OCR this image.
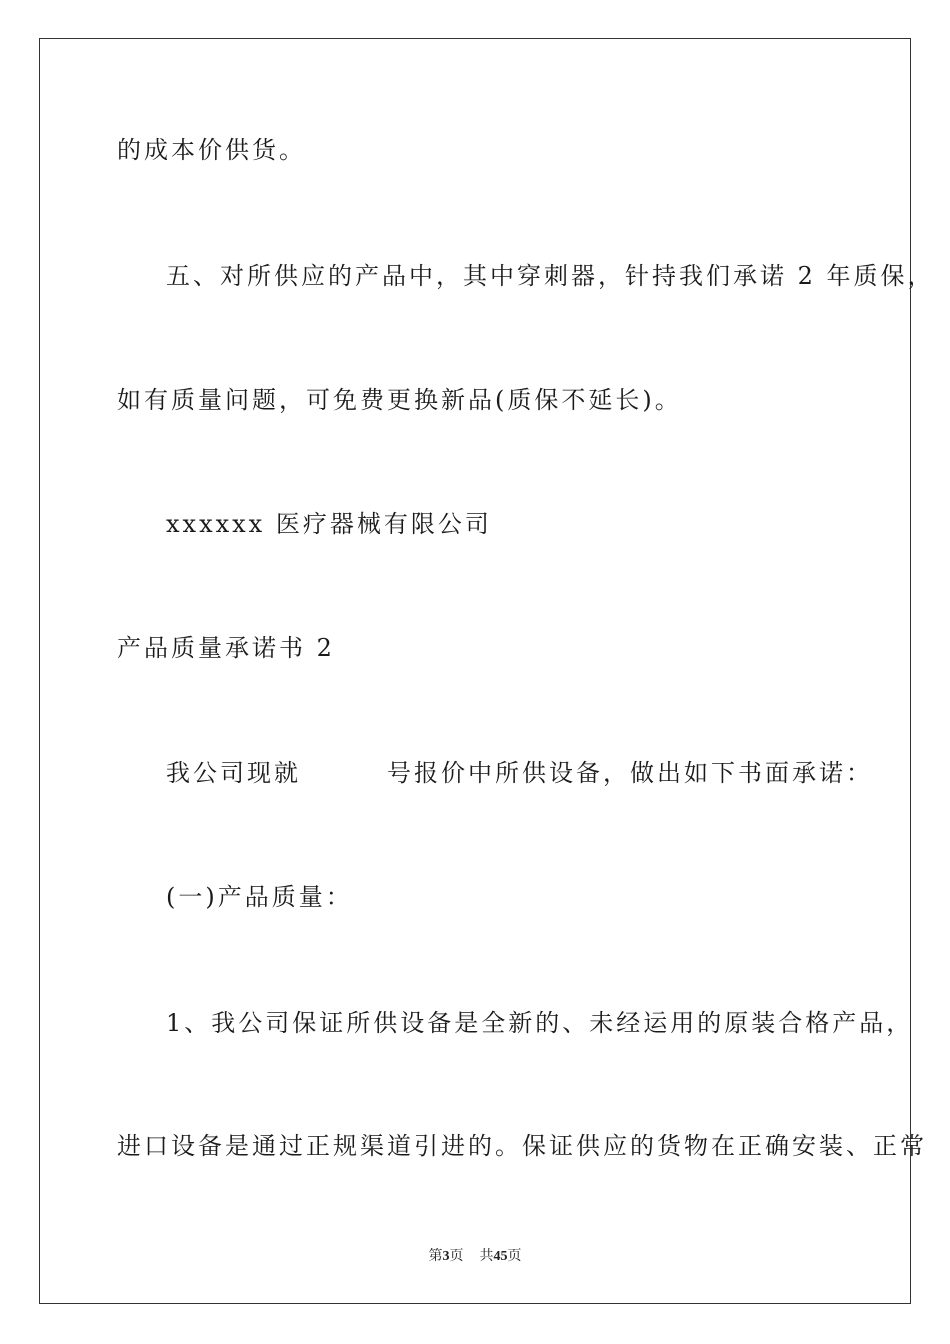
的成本价供货。
五、对所供应的产品中，其中穿刺器，针持我们承诺 2 年质保，
如有质量问题，可免费更换新品(质保不延长)。
xxxxxx 医疗器械有限公司
产品质量承诺书 2
我公司现就	号报价中所供设备，做出如下书面承诺：
(一)产品质量：
1、我公司保证所供设备是全新的、未经运用的原装合格产品，
进口设备是通过正规渠道引进的。保证供应的货物在正确安装、正常
第3页 共45页
